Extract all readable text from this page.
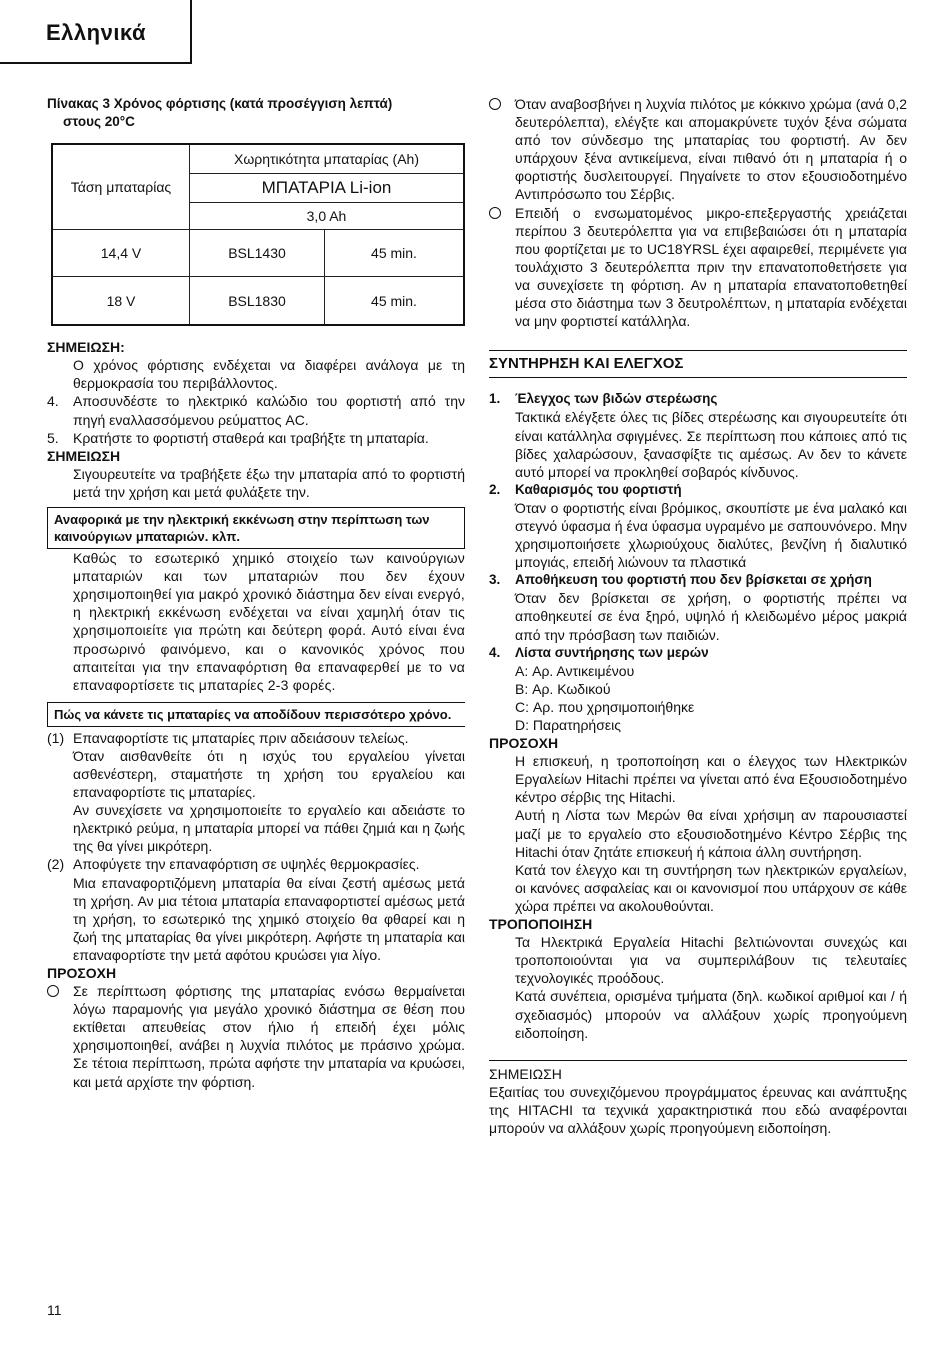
Ελληνικά
Πίνακας 3 Χρόνος φόρτισης (κατά προσέγγιση λεπτά)
στους 20°C
Τάση μπαταρίας	Χωρητικότητα μπαταρίας (Ah)	
	ΜΠΑΤΑΡΙΑ Li-ion	
	3,0 Ah	
14,4 V	BSL1430	45 min.
18 V	BSL1830	45 min.
ΣΗΜΕΙΩΣΗ:
Ο χρόνος φόρτισης ενδέχεται να διαφέρει ανάλογα με τη θερμοκρασία του περιβάλλοντος.
4.	Αποσυνδέστε το ηλεκτρικό καλώδιο του φορτιστή από την πηγή εναλλασσόμενου ρεύματτος AC.
5.	Κρατήστε το φορτιστή σταθερά και τραβήξτε τη μπαταρία.
ΣΗΜΕΙΩΣΗ
Σιγουρευτείτε να τραβήξετε έξω την μπαταρία από το φορτιστή μετά την χρήση και μετά φυλάξετε την.
Αναφορικά με την ηλεκτρική εκκένωση στην περίπτωση των καινούργιων μπαταριών. κλπ.
Καθώς το εσωτερικό χημικό στοιχείο των καινούργιων μπαταριών και των μπαταριών που δεν έχουν χρησιμοποιηθεί για μακρό χρονικό διάστημα δεν είναι ενεργό, η ηλεκτρική εκκένωση ενδέχεται να είναι χαμηλή όταν τις χρησιμοποιείτε για πρώτη και δεύτερη φορά. Αυτό είναι ένα προσωρινό φαινόμενο, και ο κανονικός χρόνος που απαιτείται για την επαναφόρτιση θα επαναφερθεί με το να επαναφορτίσετε τις μπαταρίες 2-3 φορές.
Πώς να κάνετε τις μπαταρίες να αποδίδουν περισσότερο χρόνο.
(1) Επαναφορτίστε τις μπαταρίες πριν αδειάσουν τελείως.
Όταν αισθανθείτε ότι η ισχύς του εργαλείου γίνεται ασθενέστερη, σταματήστε τη χρήση του εργαλείου και επαναφορτίστε τις μπαταρίες.
Αν συνεχίσετε να χρησιμοποιείτε το εργαλείο και αδειάστε το ηλεκτρικό ρεύμα, η μπαταρία μπορεί να πάθει ζημιά και η ζωής της θα γίνει μικρότερη.
(2) Αποφύγετε την επαναφόρτιση σε υψηλές θερμοκρασίες.
Μια επαναφορτιζόμενη μπαταρία θα είναι ζεστή αμέσως μετά τη χρήση. Αν μια τέτοια μπαταρία επαναφορτιστεί αμέσως μετά τη χρήση, το εσωτερικό της χημικό στοιχείο θα φθαρεί και η ζωή της μπαταρίας θα γίνει μικρότερη. Αφήστε τη μπαταρία και επαναφορτίστε την μετά αφότου κρυώσει για λίγο.
ΠΡΟΣΟΧΗ
Σε περίπτωση φόρτισης της μπαταρίας ενόσω θερμαίνεται λόγω παραμονής για μεγάλο χρονικό διάστημα σε θέση που εκτίθεται απευθείας στον ήλιο ή επειδή έχει μόλις χρησιμοποιηθεί, ανάβει η λυχνία πιλότος με πράσινο χρώμα. Σε τέτοια περίπτωση, πρώτα αφήστε την μπαταρία να κρυώσει, και μετά αρχίστε την φόρτιση.
Όταν αναβοσβήνει η λυχνία πιλότος με κόκκινο χρώμα (ανά 0,2 δευτερόλεπτα), ελέγξτε και απομακρύνετε τυχόν ξένα σώματα από τον σύνδεσμο της μπαταρίας του φορτιστή. Αν δεν υπάρχουν ξένα αντικείμενα, είναι πιθανό ότι η μπαταρία ή ο φορτιστής δυσλειτουργεί. Πηγαίνετε το στον εξουσιοδοτημένο Αντιπρόσωπο του Σέρβις.
Επειδή ο ενσωματομένος μικρο-επεξεργαστής χρειάζεται περίπου 3 δευτερόλεπτα για να επιβεβαιώσει ότι η μπαταρία που φορτίζεται με το UC18YRSL έχει αφαιρεθεί, περιμένετε για τουλάχιστο 3 δευτερόλεπτα πριν την επανατοποθετήσετε για να συνεχίσετε τη φόρτιση. Αν η μπαταρία επανατοποθετηθεί μέσα στο διάστημα των 3 δευτρολέπτων, η μπαταρία ενδέχεται να μην φορτιστεί κατάλληλα.
ΣΥΝΤΗΡΗΣΗ ΚΑΙ ΕΛΕΓΧΟΣ
1.	Έλεγχος των βιδών στερέωσης
Τακτικά ελέγξετε όλες τις βίδες στερέωσης και σιγουρευτείτε ότι είναι κατάλληλα σφιγμένες. Σε περίπτωση που κάποιες από τις βίδες χαλαρώσουν, ξανασφίξτε τις αμέσως. Αν δεν το κάνετε αυτό μπορεί να προκληθεί σοβαρός κίνδυνος.
2.	Καθαρισμός του φορτιστή
Όταν ο φορτιστής είναι βρόμικος, σκουπίστε με ένα μαλακό και στεγνό ύφασμα ή ένα ύφασμα υγραμένο με σαπουνόνερο. Μην χρησιμοποιήσετε χλωριούχους διαλύτες, βενζίνη ή διαλυτικό μπογιάς, επειδή λιώνουν τα πλαστικά
3.	Αποθήκευση του φορτιστή που δεν βρίσκεται σε χρήση
Όταν δεν βρίσκεται σε χρήση, ο φορτιστής πρέπει να αποθηκευτεί σε ένα ξηρό, υψηλό ή κλειδωμένο μέρος μακριά από την πρόσβαση των παιδιών.
4.	Λίστα συντήρησης των μερών
A: Αρ. Αντικειμένου
B: Αρ. Κωδικού
C: Αρ. που χρησιμοποιήθηκε
D: Παρατηρήσεις
ΠΡΟΣΟΧΗ
Η επισκευή, η τροποποίηση και ο έλεγχος των Ηλεκτρικών Εργαλείων Hitachi πρέπει να γίνεται από ένα Εξουσιοδοτημένο κέντρο σέρβις της Hitachi.
Αυτή η Λίστα των Μερών θα είναι χρήσιμη αν παρουσιαστεί μαζί με το εργαλείο στο εξουσιοδοτημένο Κέντρο Σέρβις της Hitachi όταν ζητάτε επισκευή ή κάποια άλλη συντήρηση.
Κατά τον έλεγχο και τη συντήρηση των ηλεκτρικών εργαλείων, οι κανόνες ασφαλείας και οι κανονισμοί που υπάρχουν σε κάθε χώρα πρέπει να ακολουθούνται.
ΤΡΟΠΟΠΟΙΗΣΗ
Τα Ηλεκτρικά Εργαλεία Hitachi βελτιώνονται συνεχώς και τροποποιούνται για να συμπεριλάβουν τις τελευταίες τεχνολογικές προόδους.
Κατά συνέπεια, ορισμένα τμήματα (δηλ. κωδικοί αριθμοί και / ή σχεδιασμός) μπορούν να αλλάξουν χωρίς προηγούμενη ειδοποίηση.
ΣΗΜΕΙΩΣΗ
Εξαιτίας του συνεχιζόμενου προγράμματος έρευνας και ανάπτυξης της HITACHI τα τεχνικά χαρακτηριστικά που εδώ αναφέρονται μπορούν να αλλάξουν χωρίς προηγούμενη ειδοποίηση.
11
